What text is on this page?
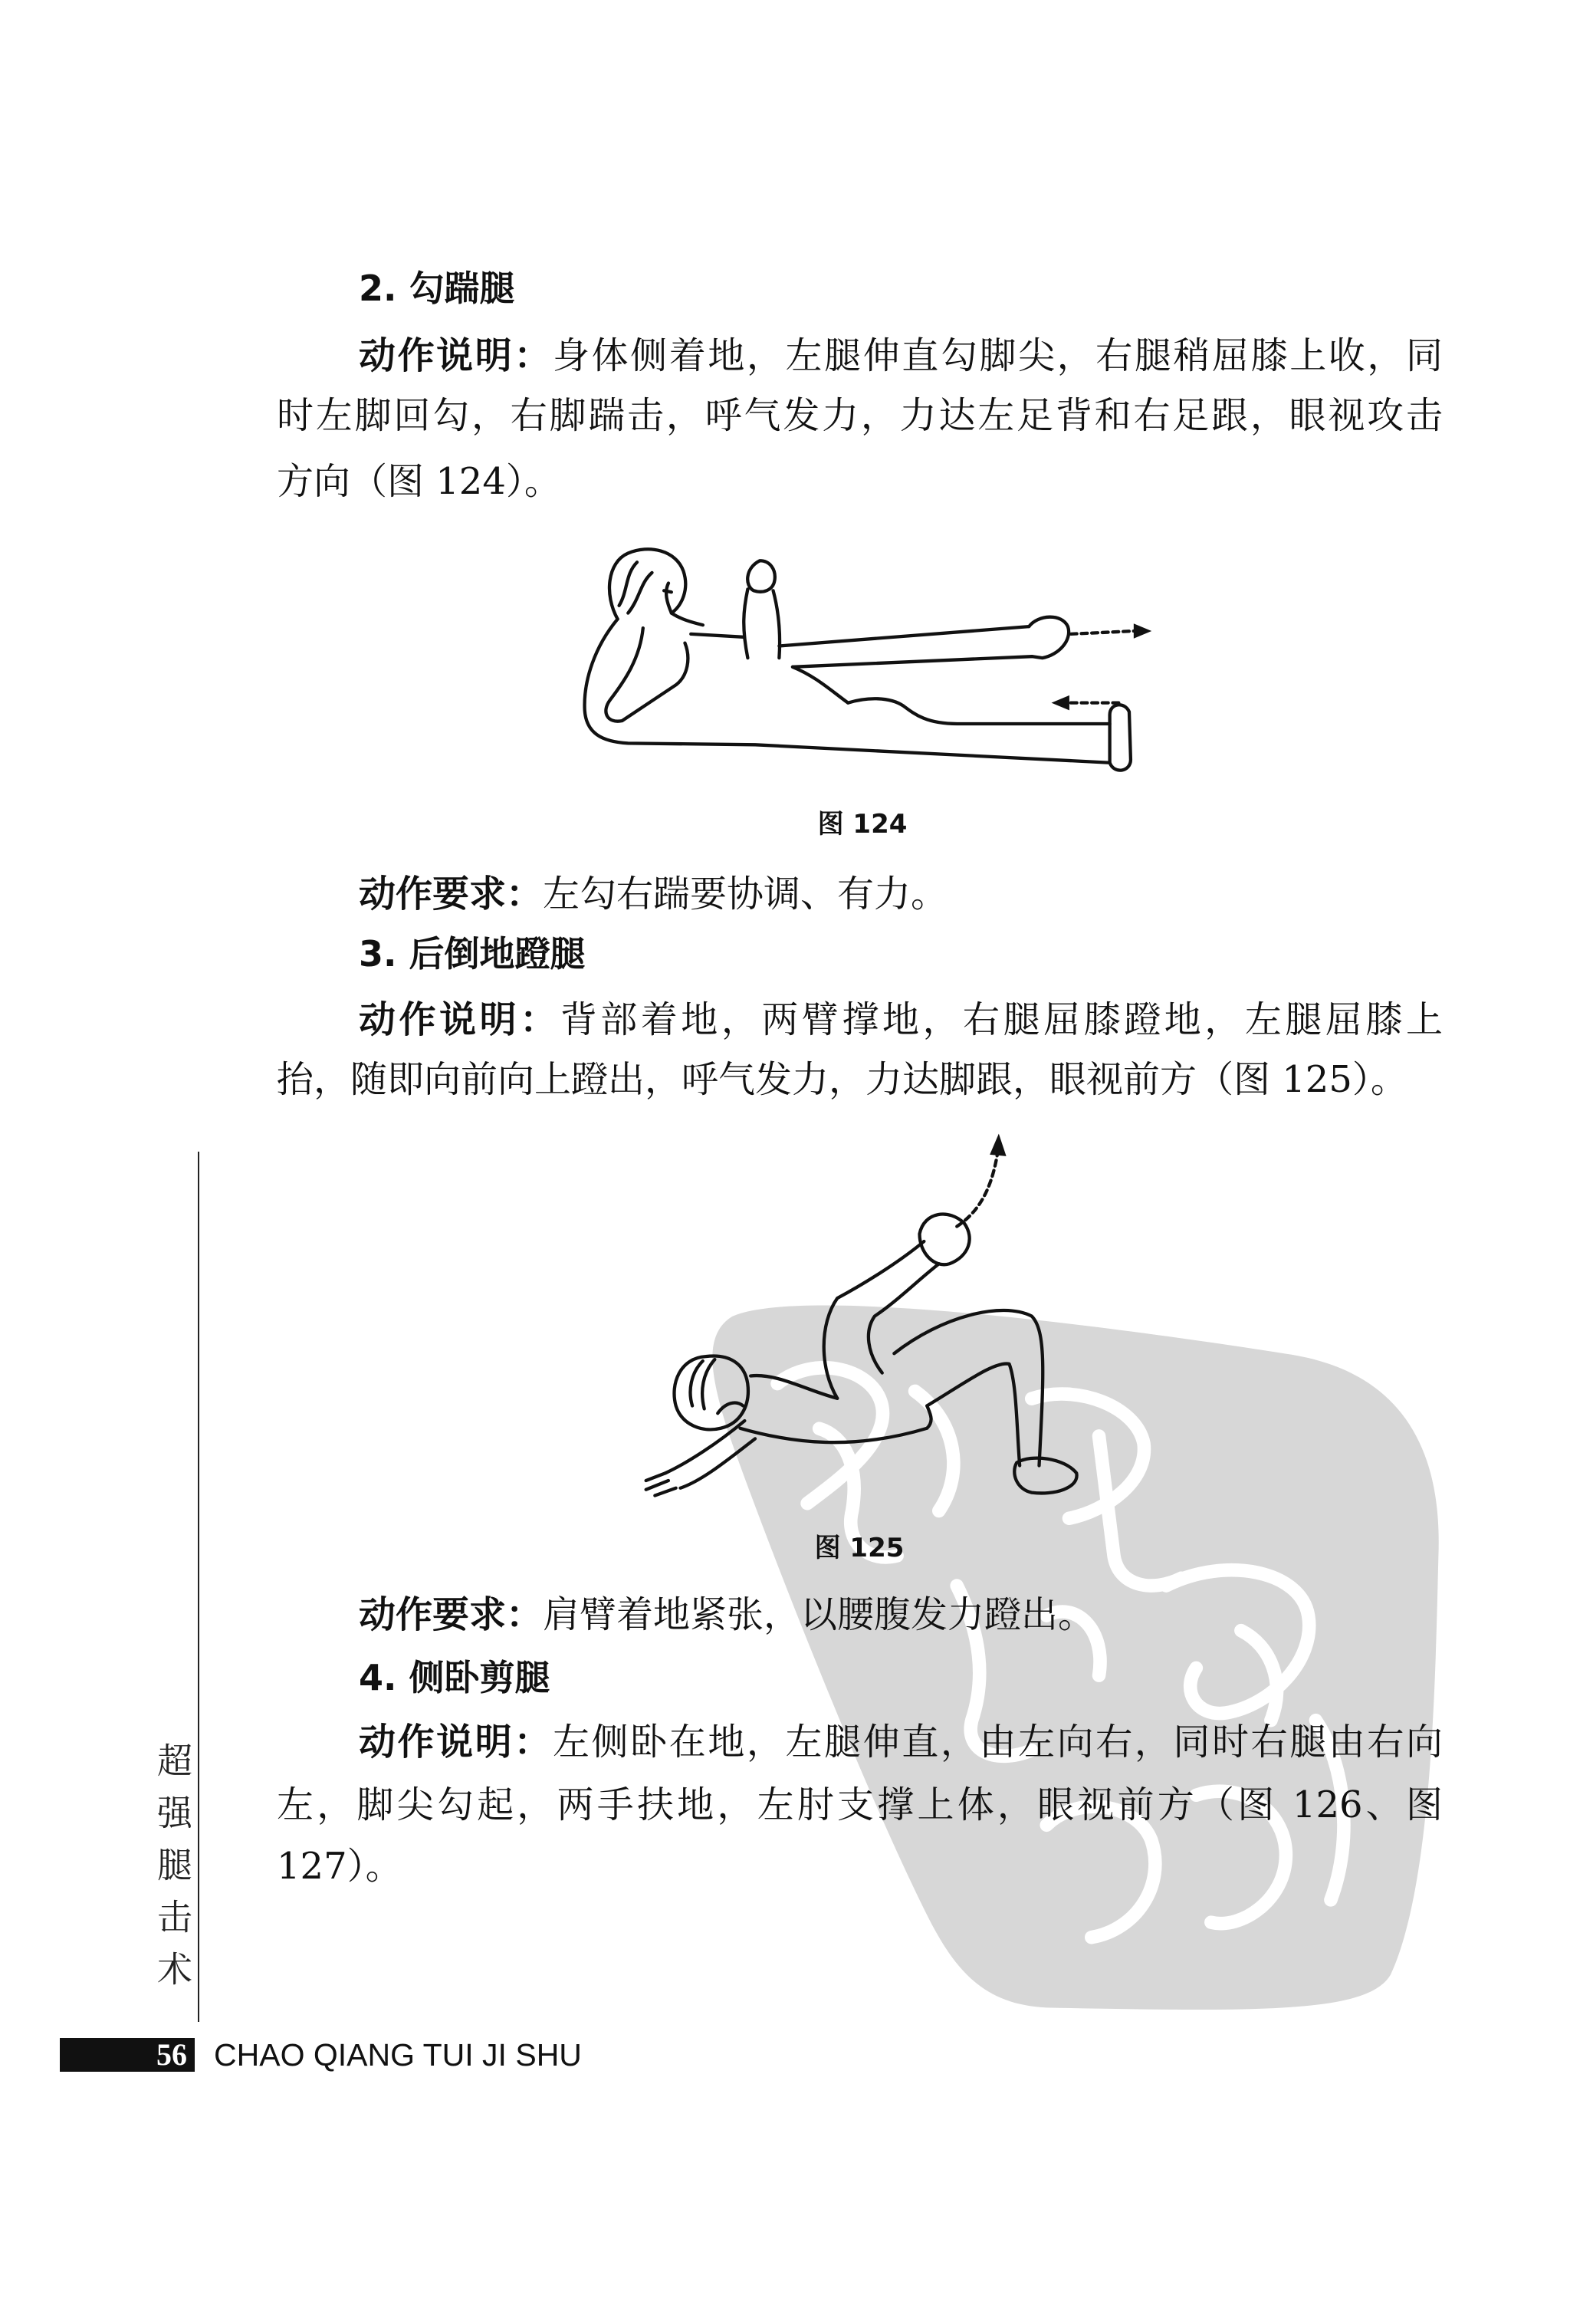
2. 勾踹腿
动作说明：身体侧着地，左腿伸直勾脚尖，右腿稍屈膝上收，同
时左脚回勾，右脚踹击，呼气发力，力达左足背和右足跟，眼视攻击
方向（图 124）。
图 124
动作要求：左勾右踹要协调、有力。
3. 后倒地蹬腿
动作说明：背部着地，两臂撑地，右腿屈膝蹬地，左腿屈膝上
抬，随即向前向上蹬出，呼气发力，力达脚跟，眼视前方（图 125）。
图 125
动作要求：肩臂着地紧张，以腰腹发力蹬出。
4. 侧卧剪腿
动作说明：左侧卧在地，左腿伸直，由左向右，同时右腿由右向
左，脚尖勾起，两手扶地，左肘支撑上体，眼视前方（图 126、图
127）。
超强腿击术
56 CHAO QIANG TUI JI SHU
